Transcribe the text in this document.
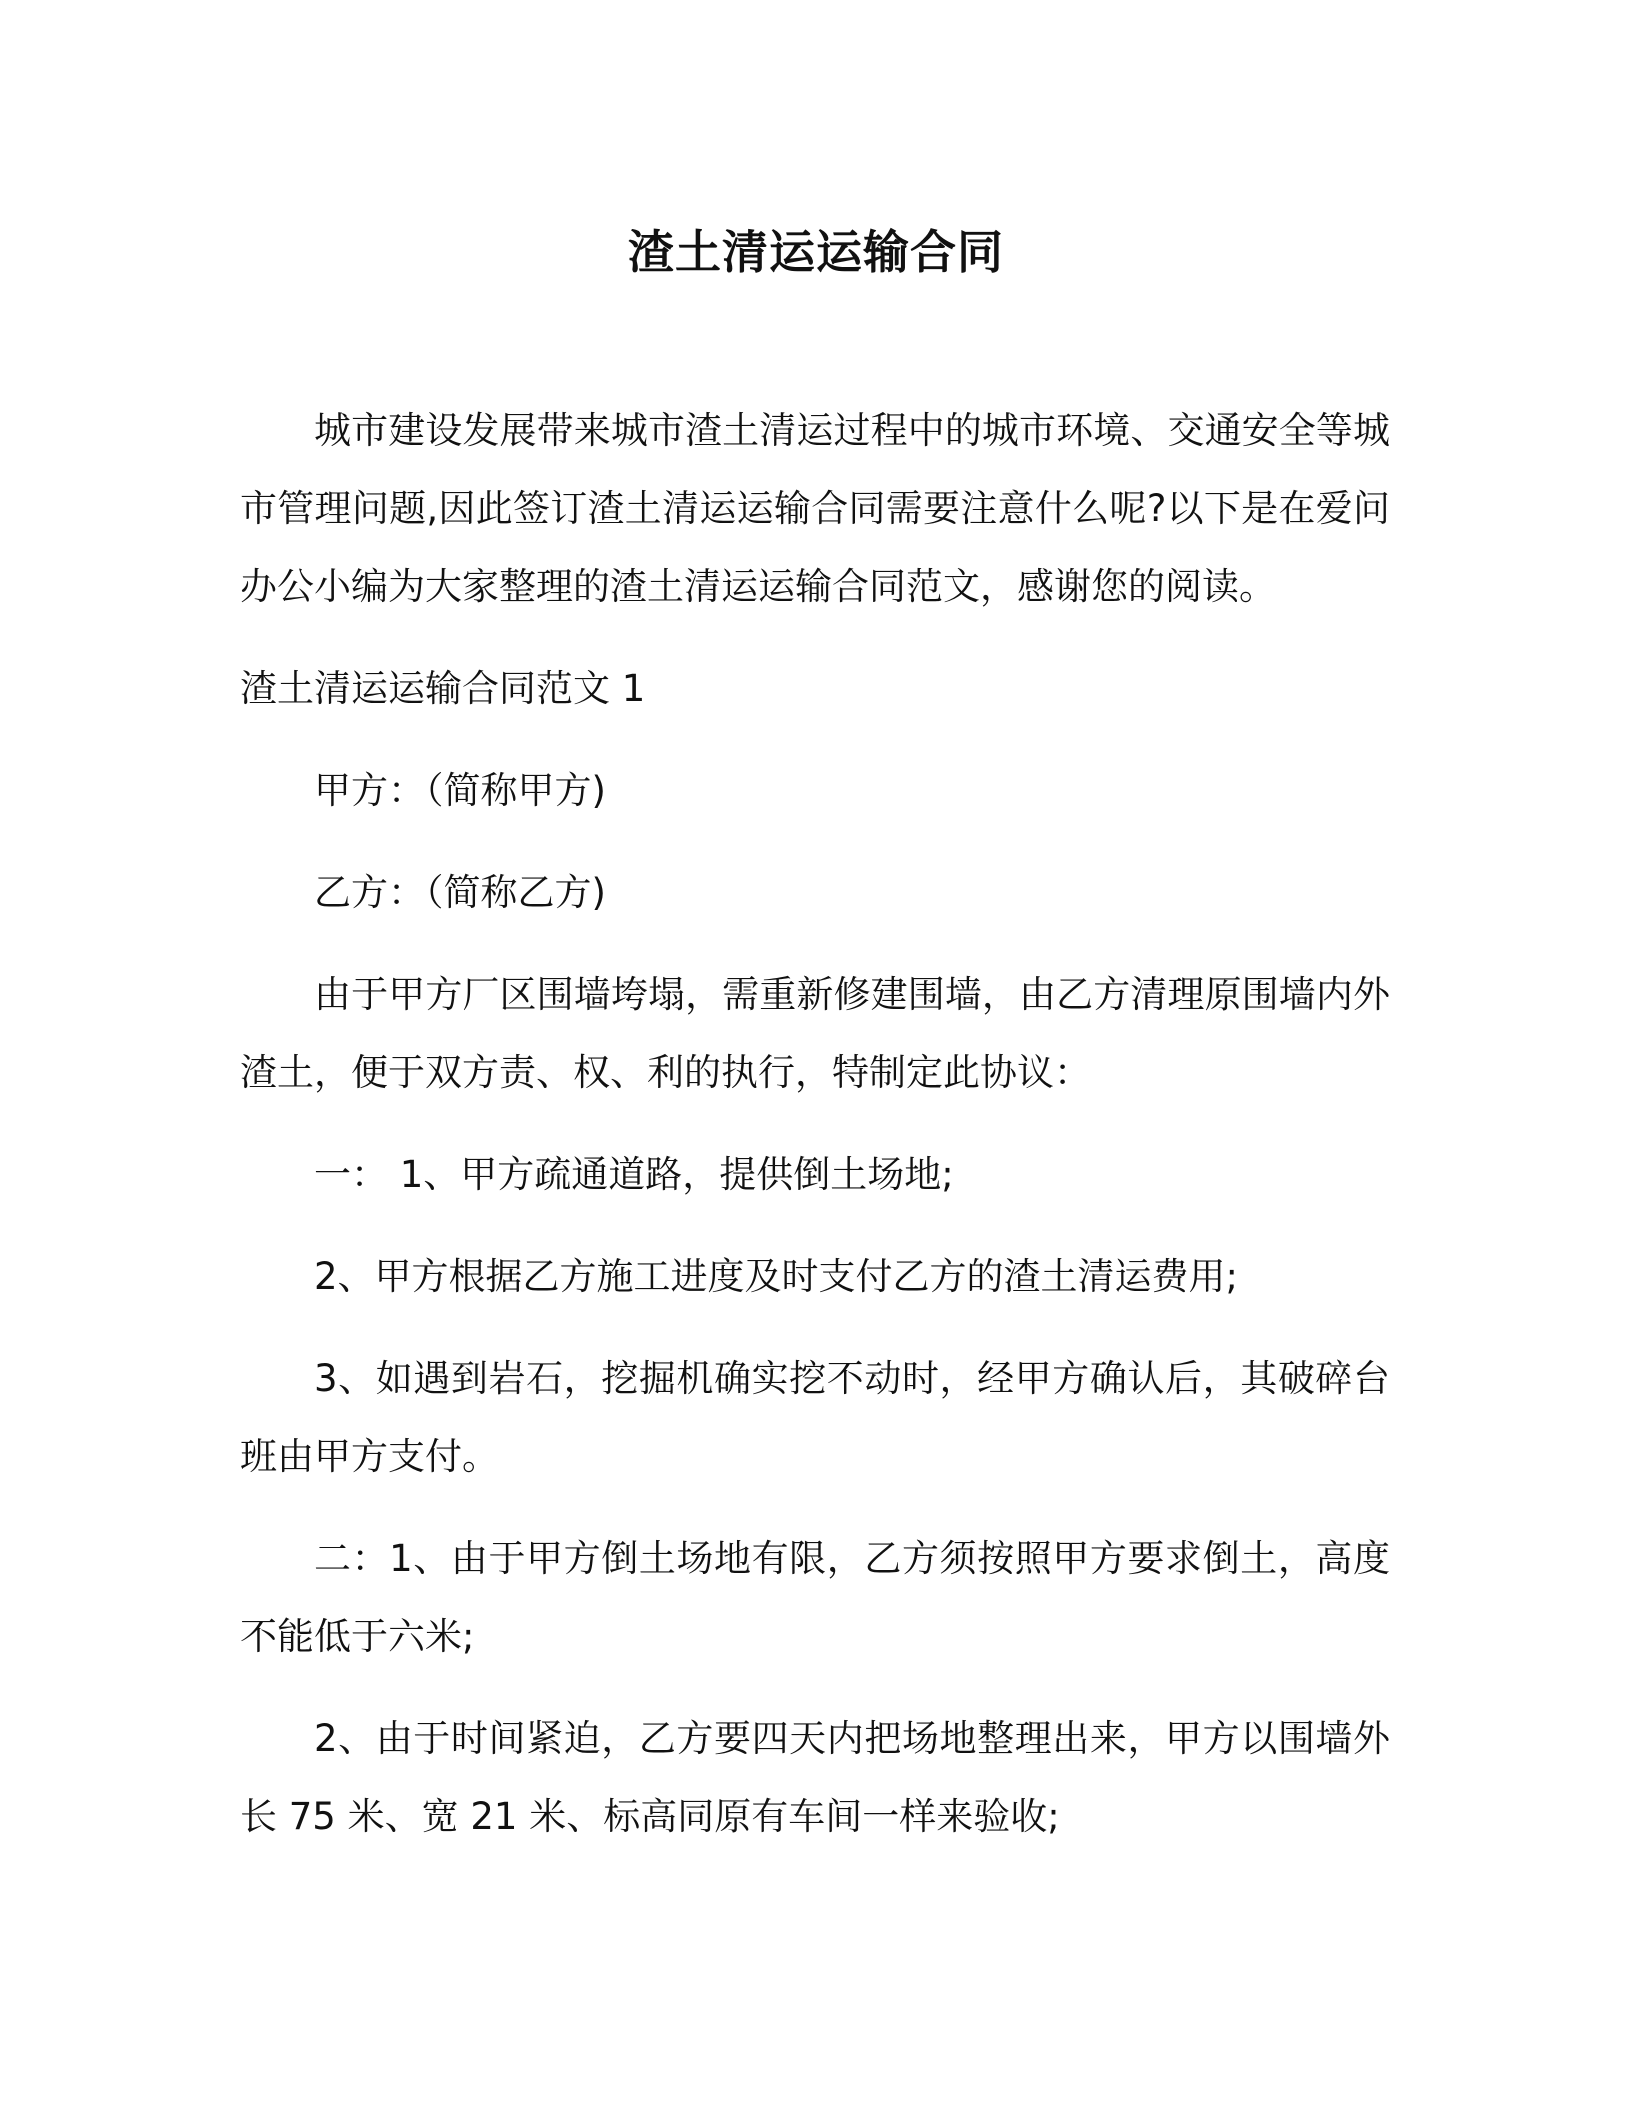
渣土清运运输合同

城市建设发展带来城市渣土清运过程中的城市环境、交通安全等城市管理问题,因此签订渣土清运运输合同需要注意什么呢?以下是在爱问办公小编为大家整理的渣土清运运输合同范文，感谢您的阅读。

渣土清运运输合同范文 1

甲方：（简称甲方)

乙方：（简称乙方)

由于甲方厂区围墙垮塌，需重新修建围墙，由乙方清理原围墙内外渣土，便于双方责、权、利的执行，特制定此协议：

一： 1、甲方疏通道路，提供倒土场地;

2、甲方根据乙方施工进度及时支付乙方的渣土清运费用;

3、如遇到岩石，挖掘机确实挖不动时，经甲方确认后，其破碎台班由甲方支付。

二：1、由于甲方倒土场地有限，乙方须按照甲方要求倒土，高度不能低于六米;

2、由于时间紧迫，乙方要四天内把场地整理出来，甲方以围墙外长 75 米、宽 21 米、标高同原有车间一样来验收;
